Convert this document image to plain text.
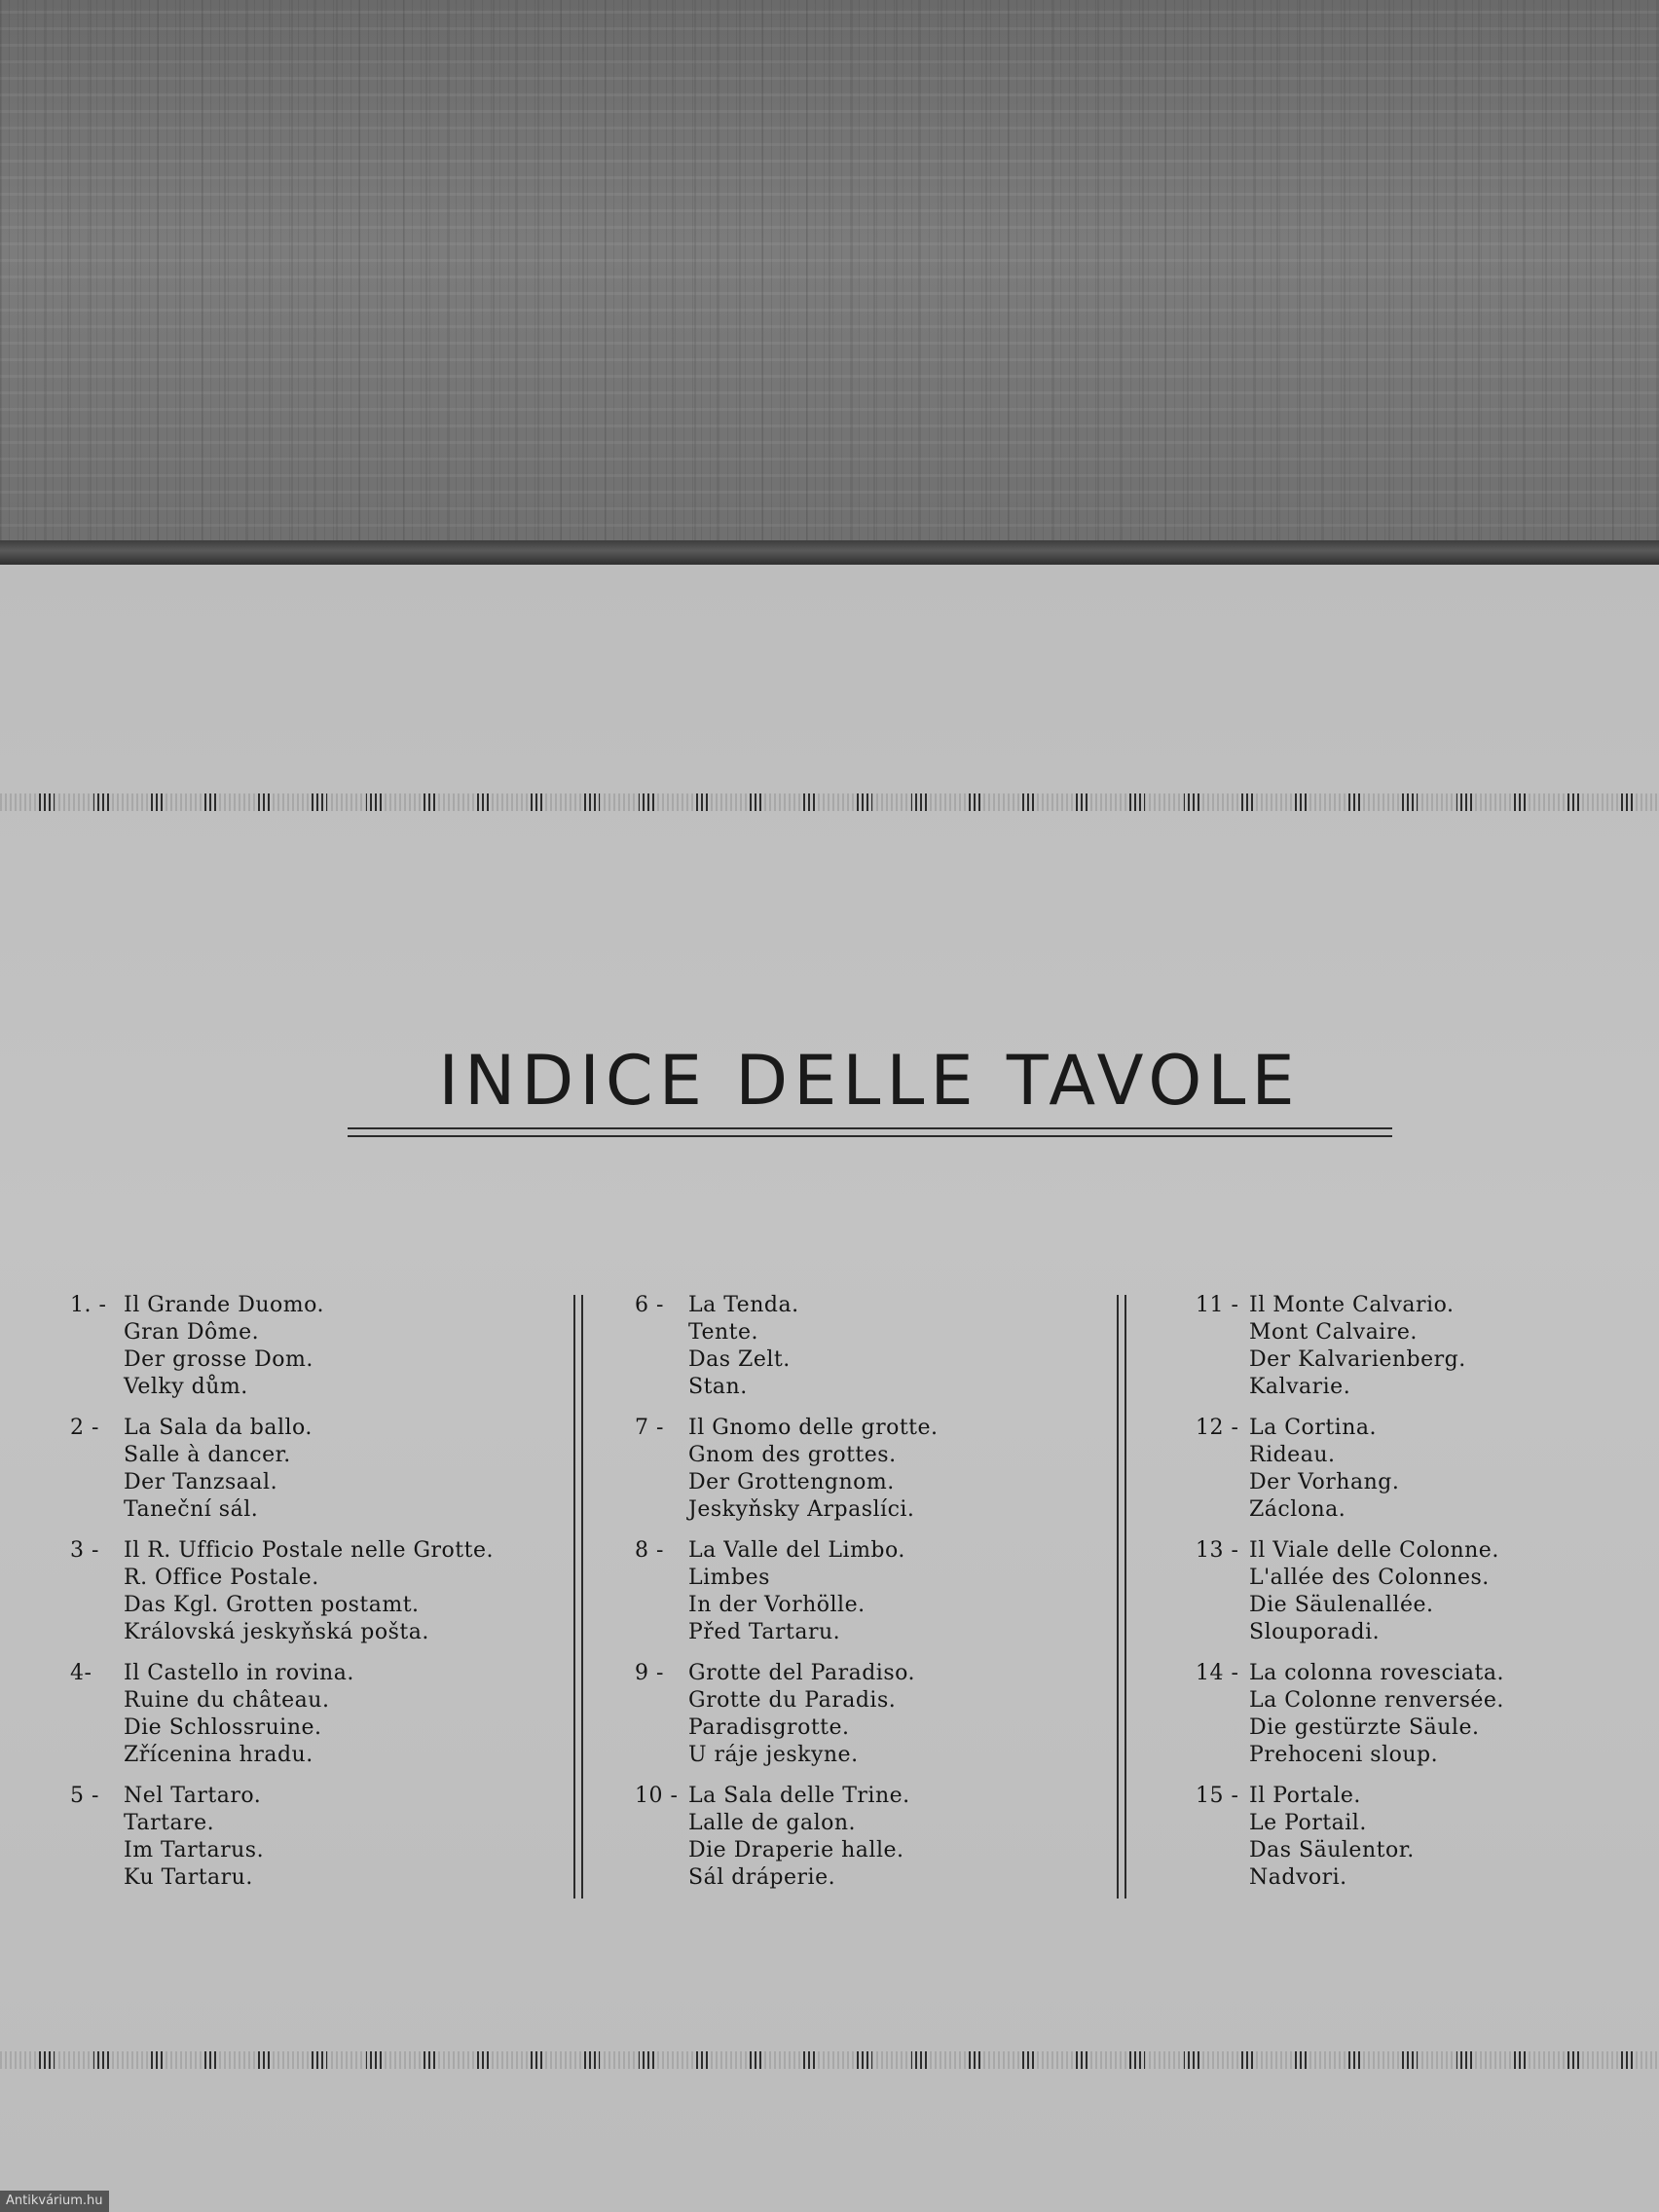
INDICE DELLE TAVOLE
1. - Il Grande Duomo.
Gran Dôme.
Der grosse Dom.
Velky dům.
2 -	La Sala da ballo.
Salle à dancer.
Der Tanzsaal.
Taneční sál.
3 -	Il R. Ufficio Postale nelle Grotte.
R. Office Postale.
Das Kgl. Grotten postamt.
Královská jeskyňská pošta.
4-	Il Castello in rovina.
Ruine du château.
Die Schlossruine.
Zřícenina hradu.
5 -	Nel Tartaro.
Tartare.
Im Tartarus.
Ku Tartaru.
6 -	La Tenda.
Tente.
Das Zelt.
Stan.
7 -	Il Gnomo delle grotte.
Gnom des grottes.
Der Grottengnom.
Jeskyňsky Arpaslíci.
8 -	La Valle del Limbo.
Limbes
In der Vorhölle.
Před Tartaru.
9 -	Grotte del Paradiso.
Grotte du Paradis.
Paradisgrotte.
U ráje jeskyne.
10 - La Sala delle Trine.
Lalle de galon.
Die Draperie halle.
Sál dráperie.
11 - Il Monte Calvario.
Mont Calvaire.
Der Kalvarienberg.
Kalvarie.
12 - La Cortina.
Rideau.
Der Vorhang.
Záclona.
13 - Il Viale delle Colonne.
L'allée des Colonnes.
Die Säulenallée.
Slouporadi.
14 - La colonna rovesciata.
La Colonne renversée.
Die gestürzte Säule.
Prehoceni sloup.
15 - Il Portale.
Le Portail.
Das Säulentor.
Nadvori.
Antikvárium.hu
